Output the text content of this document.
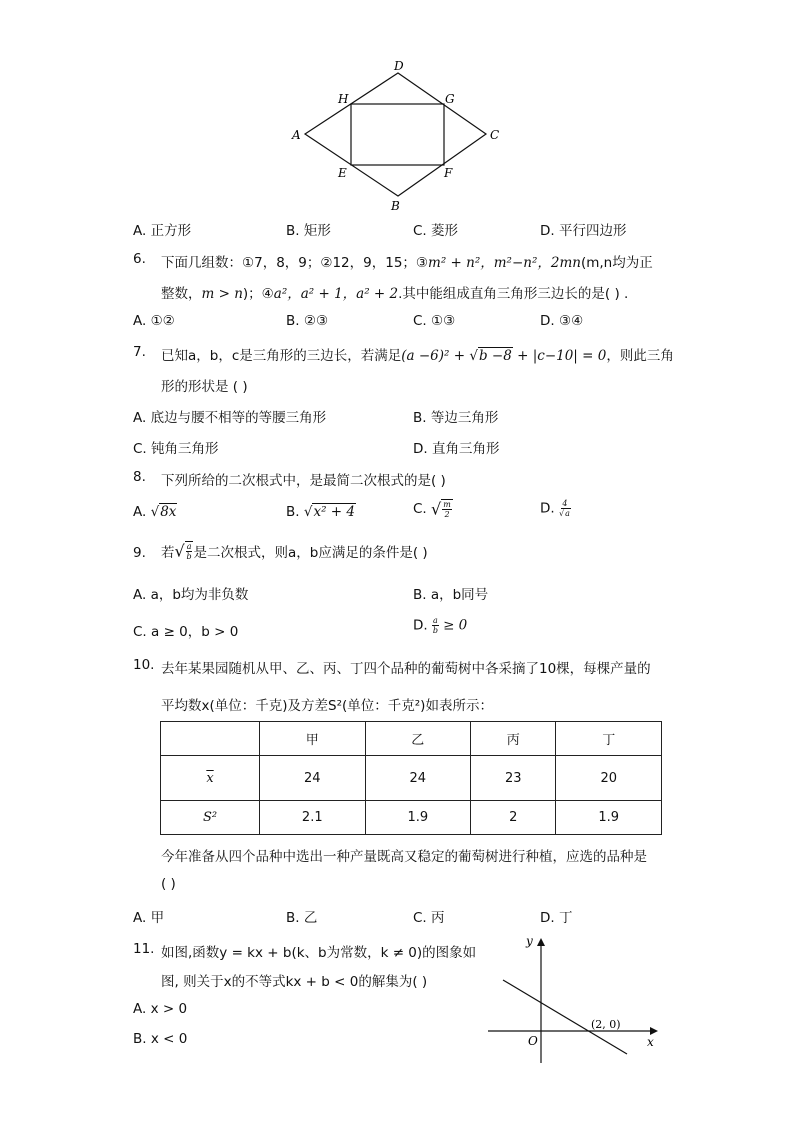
D
H	G
A	C
E	F
B
A. 正方形	B. 矩形	C. 菱形	D. 平行四边形
6. 下面几组数：①7，8，9；②12，9，15；③m² + n²，m²−n²，2mn(m,n均为正
整数，m > n)；④a²，a² + 1，a² + 2.其中能组成直角三角形三边长的是( ) .
A. ①②	B. ②③	C. ①③	D. ③④
7. 已知a，b，c是三角形的三边长，若满足(a −6)² + √b −8 + |c−10| = 0，则此三角
形的形状是 ( )
A. 底边与腰不相等的等腰三角形	B. 等边三角形
C. 钝角三角形	D. 直角三角形
8. 下列所给的二次根式中，是最简二次根式的是( )
A. √8x	B. √x² + 4	C. √ $\frac{m}{2}$	D. $\frac{4}{√a}$
9. 若√ $\frac{a}{b}$ 是二次根式，则a，b应满足的条件是( )
A. a，b均为非负数	B. a，b同号
C. a ≥ 0，b > 0	D. $\frac{a}{b} \ge 0$
10. 去年某果园随机从甲、乙、丙、丁四个品种的葡萄树中各采摘了10棵，每棵产量的
平均数x(单位：千克)及方差S²(单位：千克²)如表所示：
	甲	乙	丙	丁
$\overline{x}$	24	24	23	20
S²	2.1	1.9	2	1.9
今年准备从四个品种中选出一种产量既高又稳定的葡萄树进行种植，应选的品种是
( )
A. 甲	B. 乙	C. 丙	D. 丁
11. 如图,函数y = kx + b(k、b为常数，k ≠ 0)的图象如
图, 则关于x的不等式kx + b < 0的解集为( )
A. x > 0
B. x < 0
y
x
O
(2, 0)
